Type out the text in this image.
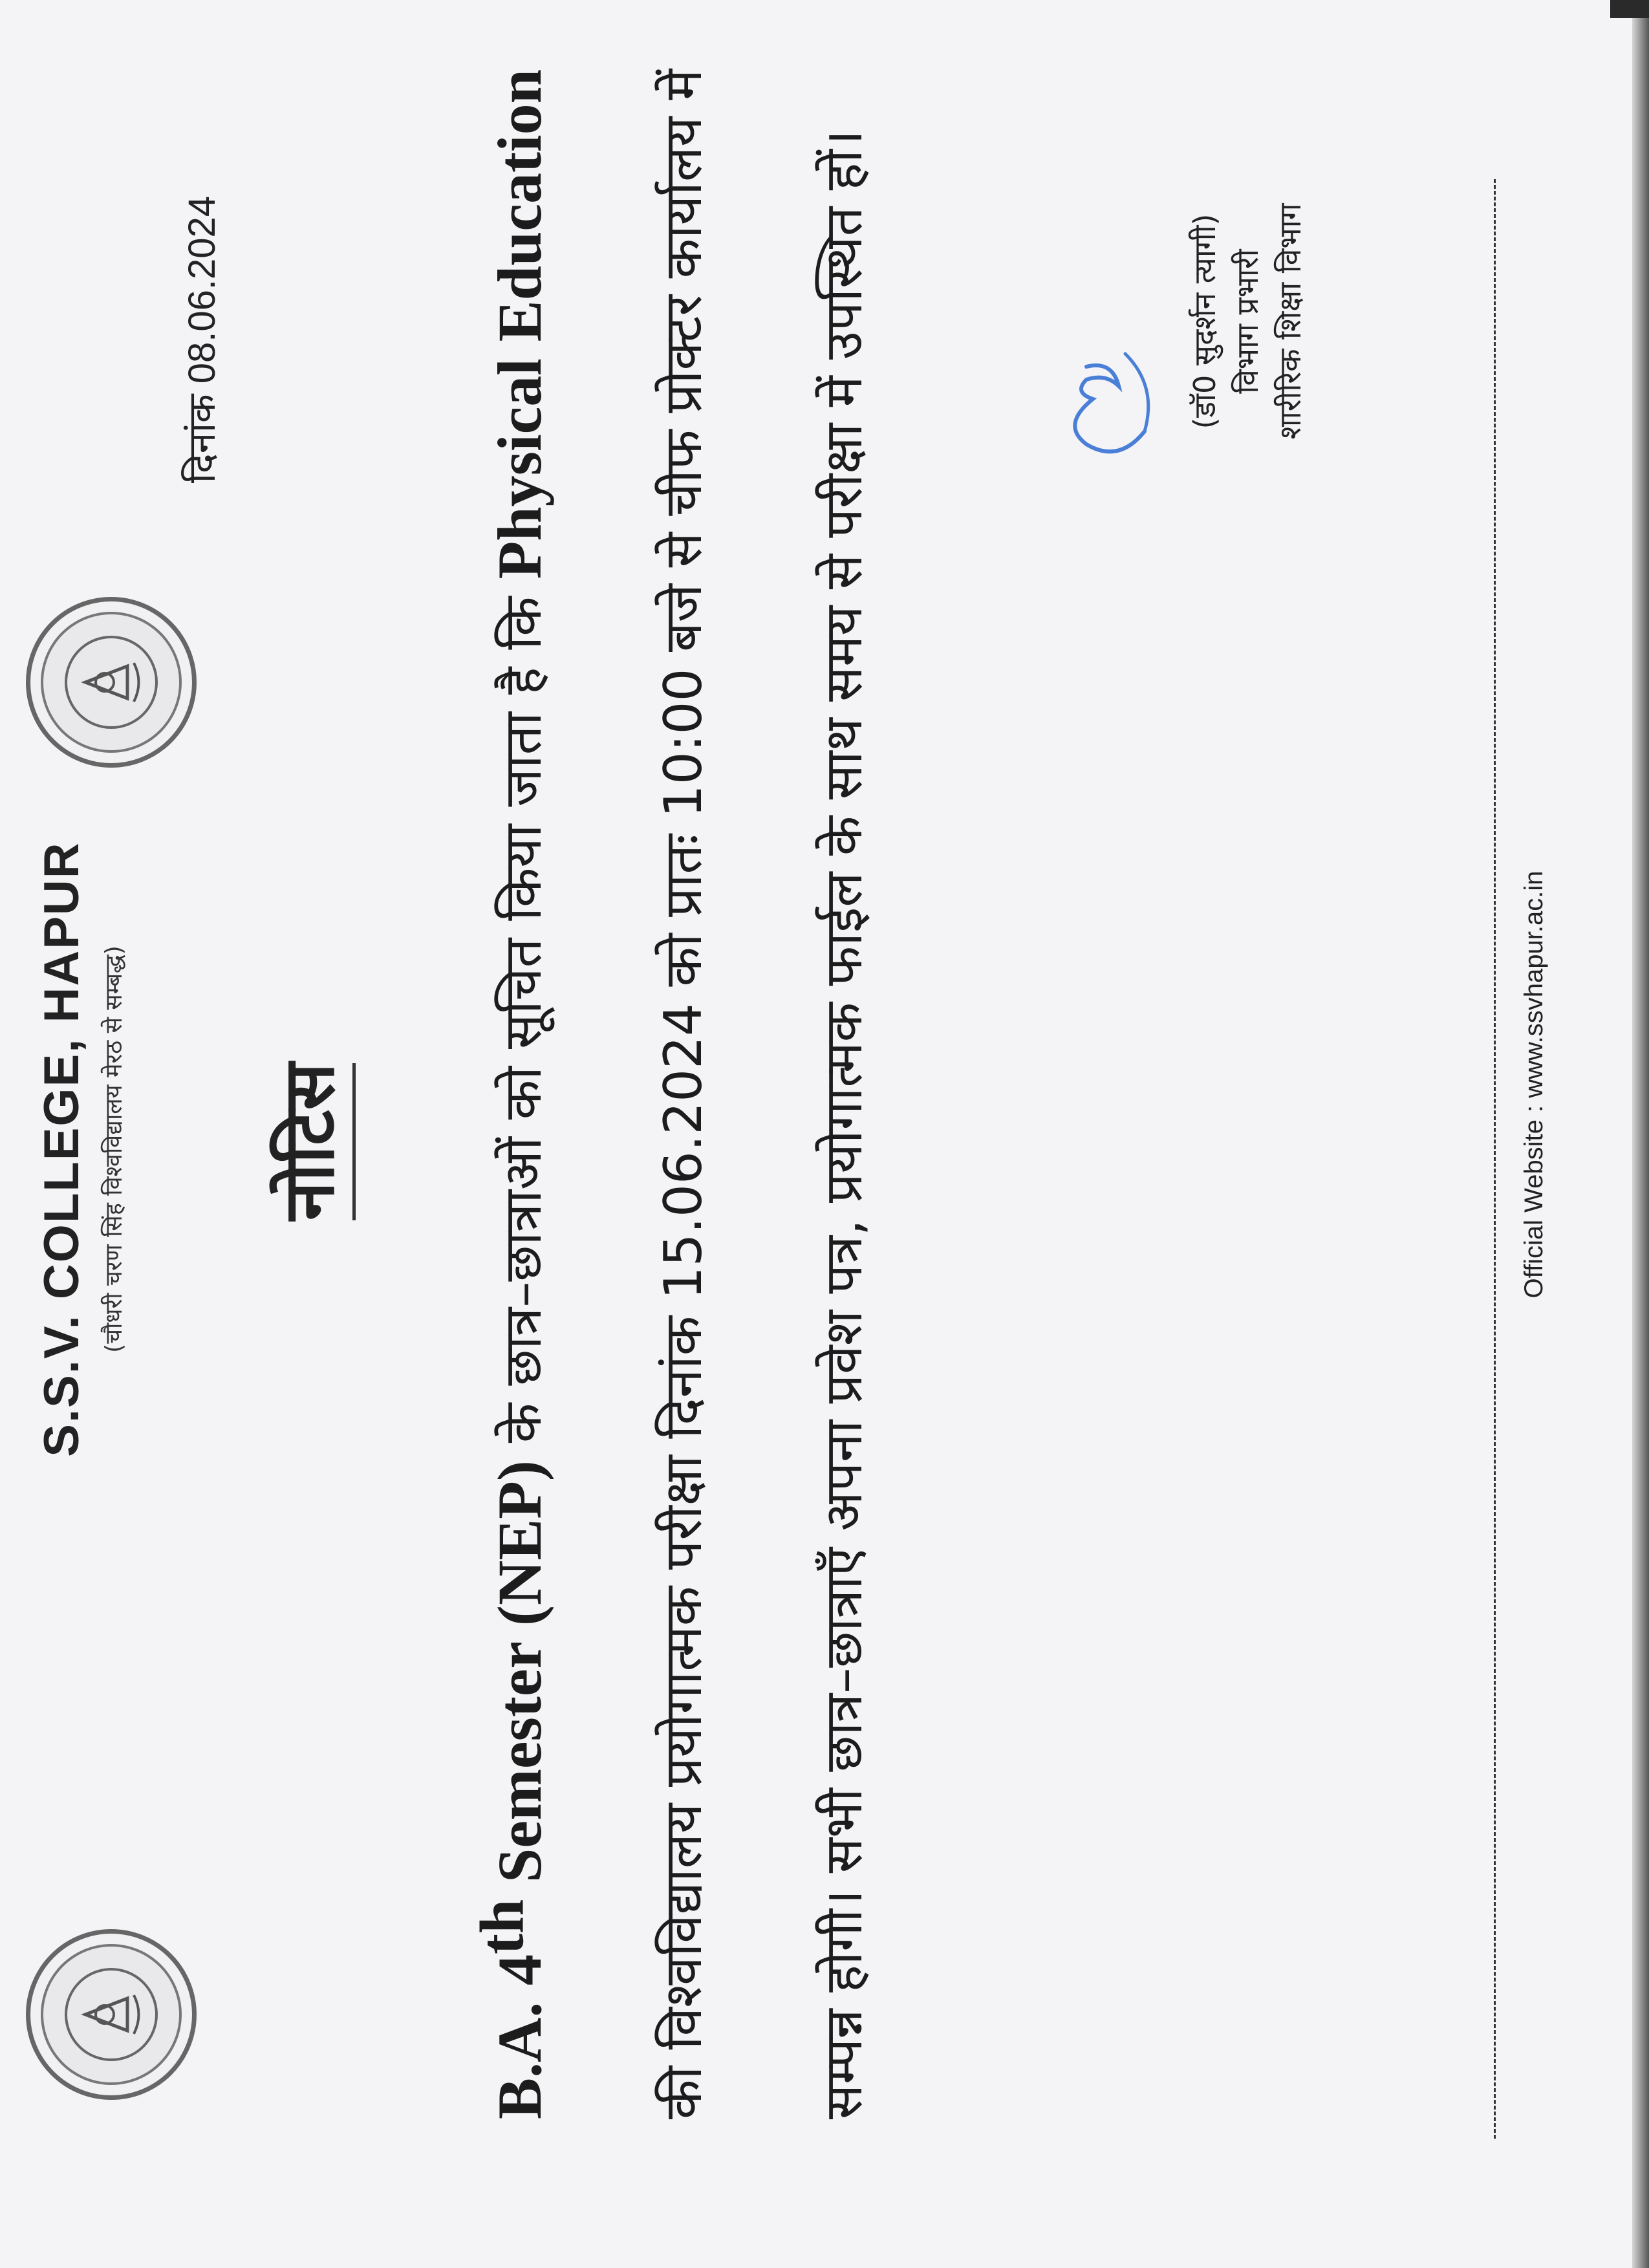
S.S.V. COLLEGE, HAPUR (चौधरी चरण सिंह विश्वविद्यालय मेरठ से सम्बद्ध)
दिनांक 08.06.2024
नोटिस
B.A. 4th Semester (NEP) के छात्र–छात्राओं को सूचित किया जाता है कि Physical Education की विश्वविद्यालय प्रयोगात्मक परीक्षा दिनांक 15.06.2024 को प्रातः 10:00 बजे से चीफ प्रोक्टर कार्यालय में सम्पन्न होगी। सभी छात्र–छात्राएँ अपना प्रवेश पत्र, प्रयोगात्मक फाईल के साथ समय से परीक्षा में उपस्थित हों।	(डॉ0 सुदर्शन त्यागी) विभाग प्रभारी शारीरिक शिक्षा विभाग
Official Website : www.ssvhapur.ac.in
